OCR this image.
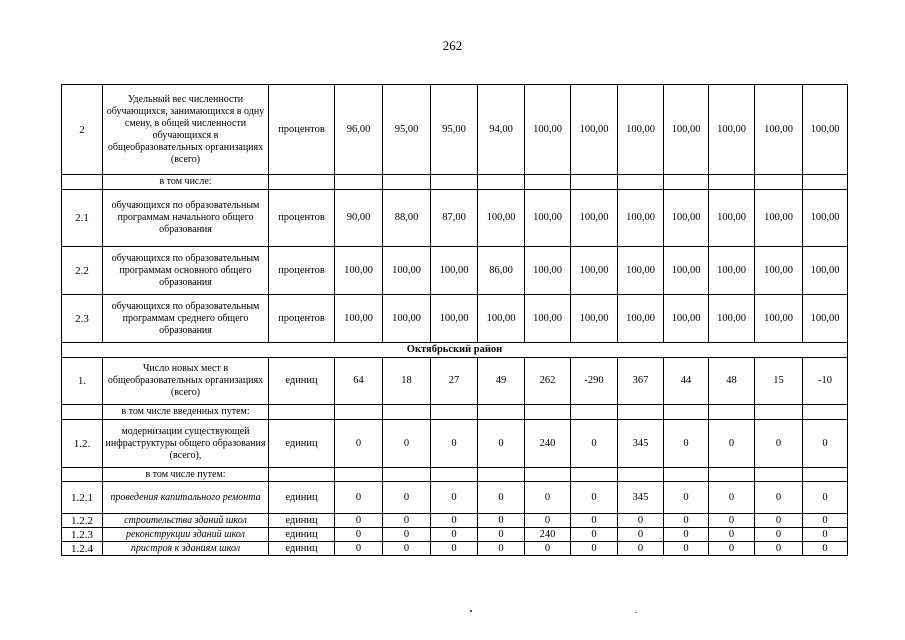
262
2	Удельный вес численности обучающихся, занимающихся в одну смену, в общей численности обучающихся в общеобразовательных организациях (всего)	процентов	96,00	95,00	95,00	94,00	100,00	100,00	100,00	100,00	100,00	100,00	100,00
	в том числе:												
2.1	обучающихся по образовательным программам начального общего образования	процентов	90,00	88,00	87,00	100,00	100,00	100,00	100,00	100,00	100,00	100,00	100,00
2.2	обучающихся по образовательным программам основного общего образования	процентов	100,00	100,00	100,00	86,00	100,00	100,00	100,00	100,00	100,00	100,00	100,00
2.3	обучающихся по образовательным программам среднего общего образования	процентов	100,00	100,00	100,00	100,00	100,00	100,00	100,00	100,00	100,00	100,00	100,00
Октябрьский район													
1.	Число новых мест в общеобразовательных организациях (всего)	единиц	64	18	27	49	262	-290	367	44	48	15	-10
	в том числе введенных путем:												
1.2.	модернизации существующей инфраструктуры общего образования (всего),	единиц	0	0	0	0	240	0	345	0	0	0	0
	в том числе путем:												
1.2.1	проведения капитального ремонта	единиц	0	0	0	0	0	0	345	0	0	0	0
1.2.2	строительства зданий школ	единиц	0	0	0	0	0	0	0	0	0	0	0
1.2.3	реконструкции зданий школ	единиц	0	0	0	0	240	0	0	0	0	0	0
1.2.4	пристроя к зданиям школ	единиц	0	0	0	0	0	0	0	0	0	0	0
